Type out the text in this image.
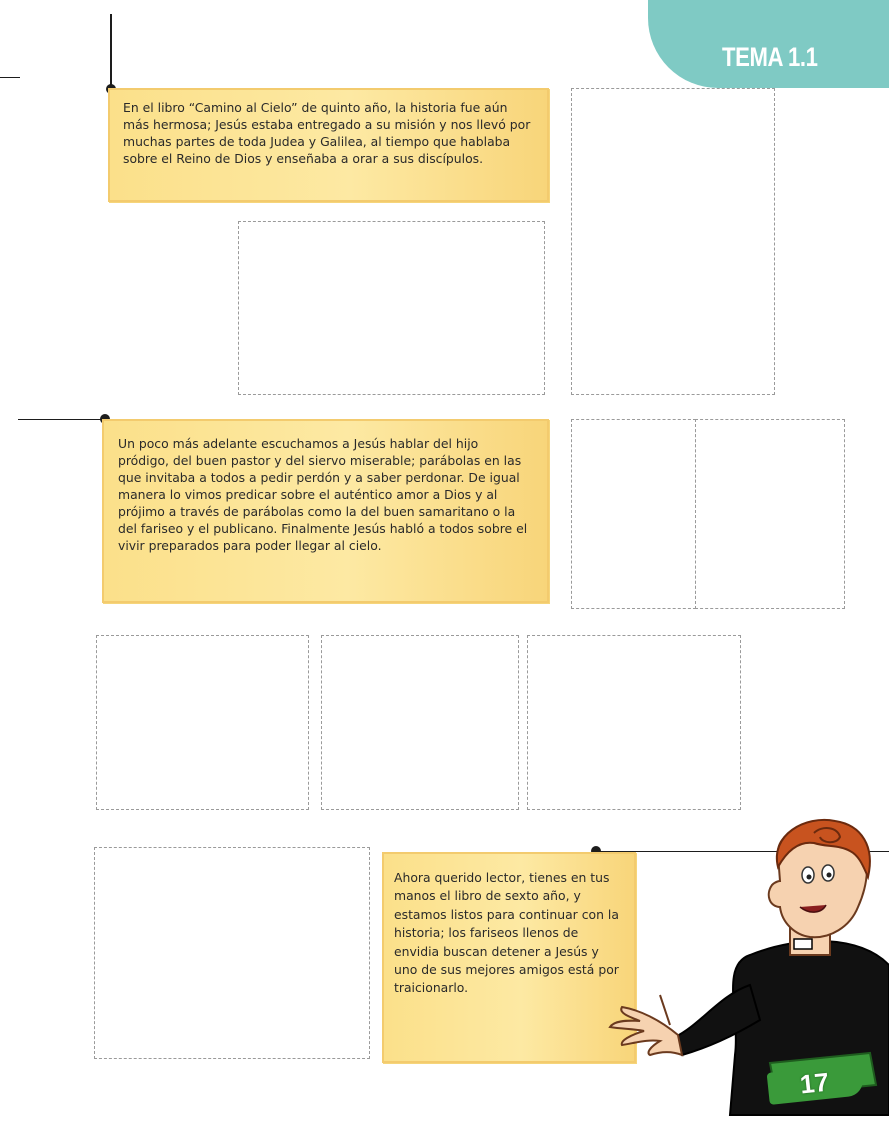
TEMA 1.1

En el libro “Camino al Cielo” de quinto año, la historia fue aún más hermosa; Jesús estaba entregado a su misión y nos llevó por muchas partes de toda Judea y Galilea, al tiempo que hablaba sobre el Reino de Dios y enseñaba a orar a sus discípulos.

Un poco más adelante escuchamos a Jesús hablar del hijo pródigo, del buen pastor y del siervo miserable; parábolas en las que invitaba a todos a pedir perdón y a saber perdonar. De igual manera lo vimos predicar sobre el auténtico amor a Dios y al prójimo a través de parábolas como la del buen samaritano o la del fariseo y el publicano. Finalmente Jesús habló a todos sobre el vivir preparados para poder llegar al cielo.

Ahora querido lector, tienes en tus manos el libro de sexto año, y estamos listos para continuar con la historia; los fariseos llenos de envidia buscan detener a Jesús y uno de sus mejores amigos está por traicionarlo.

17
